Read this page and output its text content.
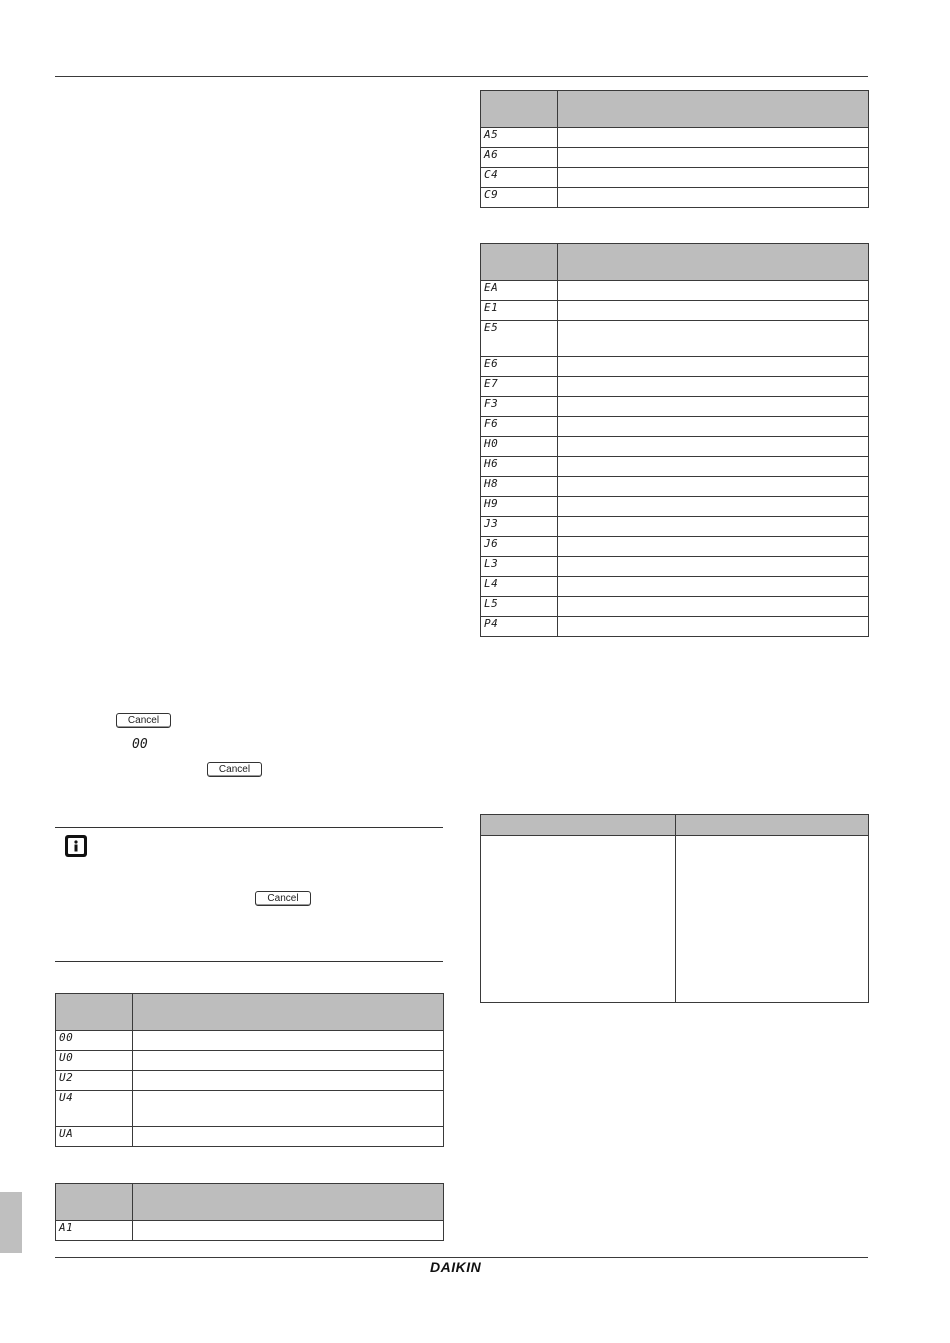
Cancel
00
Cancel
Cancel

00	
U0	
U2	
U4	
UA	

A1	

A5	
A6	
C4	
C9	

EA	
E1	
E5	
E6	
E7	
F3	
F6	
H0	
H6	
H8	
H9	
J3	
J6	
L3	
L4	
L5	
P4	

DAIKIN
